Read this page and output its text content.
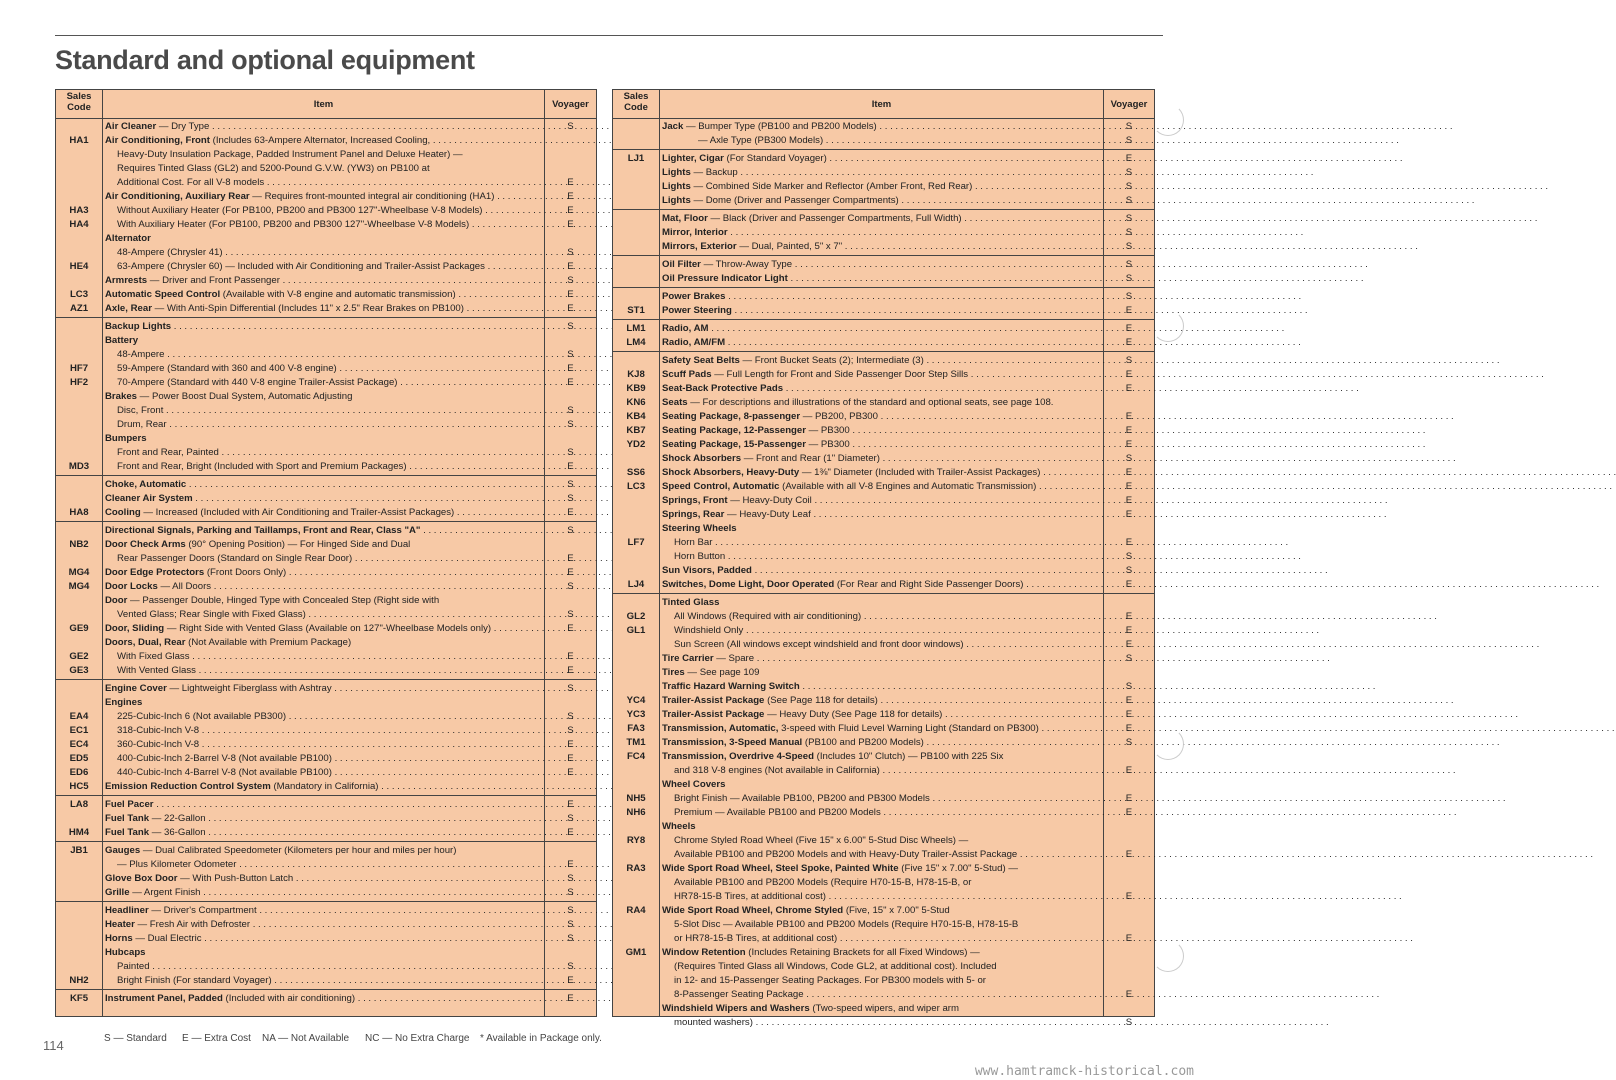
Standard and optional equipment
Sales
Code	Item	Voyager
Air Cleaner — Dry Type . . .	S
HA1	Air Conditioning, Front (Includes 63-Ampere Alternator, Increased Cooling, . . .
Heavy-Duty Insulation Package, Padded Instrument Panel and Deluxe Heater) —
Requires Tinted Glass (GL2) and 5200-Pound G.V.W. (YW3) on PB100 at
Additional Cost. For all V-8 models . . .	E
Air Conditioning, Auxiliary Rear — Requires front-mounted integral air conditioning (HA1) . . .	E
HA3	Without Auxiliary Heater (For PB100, PB200 and PB300 127"-Wheelbase V-8 Models) . . .	E
HA4	With Auxiliary Heater (For PB100, PB200 and PB300 127"-Wheelbase V-8 Models) . . .	E
Alternator
48-Ampere (Chrysler 41) . . .	S
HE4	63-Ampere (Chrysler 60) — Included with Air Conditioning and Trailer-Assist Packages . . .	E
Armrests — Driver and Front Passenger . . .	S
LC3	Automatic Speed Control (Available with V-8 engine and automatic transmission) . . .	E
AZ1	Axle, Rear — With Anti-Spin Differential (Includes 11" x 2.5" Rear Brakes on PB100) . . .	E
Backup Lights . . .	S
Battery
48-Ampere . . .	S
HF7	59-Ampere (Standard with 360 and 400 V-8 engine) . . .	E
HF2	70-Ampere (Standard with 440 V-8 engine Trailer-Assist Package) . . .	E
Brakes — Power Boost Dual System, Automatic Adjusting
Disc, Front . . .	S
Drum, Rear . . .	S
Bumpers
Front and Rear, Painted . . .	S
MD3	Front and Rear, Bright (Included with Sport and Premium Packages) . . .	E
Choke, Automatic . . .	S
Cleaner Air System . . .	S
HA8	Cooling — Increased (Included with Air Conditioning and Trailer-Assist Packages) . . .	E
Directional Signals, Parking and Taillamps, Front and Rear, Class "A" . . .	S
NB2	Door Check Arms (90° Opening Position) — For Hinged Side and Dual
Rear Passenger Doors (Standard on Single Rear Door) . . .	E
MG4	Door Edge Protectors (Front Doors Only) . . .	E
MG4	Door Locks — All Doors . . .	S
Door — Passenger Double, Hinged Type with Concealed Step (Right side with
Vented Glass; Rear Single with Fixed Glass) . . .	S
GE9	Door, Sliding — Right Side with Vented Glass (Available on 127"-Wheelbase Models only) . . .	E
Doors, Dual, Rear (Not Available with Premium Package)
GE2	With Fixed Glass . . .	E
GE3	With Vented Glass . . .	E
Engine Cover — Lightweight Fiberglass with Ashtray . . .	S
Engines
EA4	225-Cubic-Inch 6 (Not available PB300) . . .	S
EC1	318-Cubic-Inch V-8 . . .	S
EC4	360-Cubic-Inch V-8 . . .	E
ED5	400-Cubic-Inch 2-Barrel V-8 (Not available PB100) . . .	E
ED6	440-Cubic-Inch 4-Barrel V-8 (Not available PB100) . . .	E
HC5	Emission Reduction Control System (Mandatory in California) . . .
LA8	Fuel Pacer . . .	E
Fuel Tank — 22-Gallon . . .	S
HM4	Fuel Tank — 36-Gallon . . .	E
JB1	Gauges — Dual Calibrated Speedometer (Kilometers per hour and miles per hour)
— Plus Kilometer Odometer . . .	E
Glove Box Door — With Push-Button Latch . . .	S
Grille — Argent Finish . . .	S
Headliner — Driver's Compartment . . .	S
Heater — Fresh Air with Defroster . . .	S
Horns — Dual Electric . . .	S
Hubcaps
Painted . . .	S
NH2	Bright Finish (For standard Voyager) . . .	E
KF5	Instrument Panel, Padded (Included with air conditioning) . . .	E
Sales
Code	Item	Voyager
Jack — Bumper Type (PB100 and PB200 Models) . . .	S
— Axle Type (PB300 Models) . . .	S
LJ1	Lighter, Cigar (For Standard Voyager) . . .	E
Lights — Backup . . .	S
Lights — Combined Side Marker and Reflector (Amber Front, Red Rear) . . .	S
Lights — Dome (Driver and Passenger Compartments) . . .	S
Mat, Floor — Black (Driver and Passenger Compartments, Full Width) . . .	S
Mirror, Interior . . .	S
Mirrors, Exterior — Dual, Painted, 5" x 7" . . .	S
Oil Filter — Throw-Away Type . . .	S
Oil Pressure Indicator Light . . .	S
Power Brakes . . .	S
ST1	Power Steering . . .	E
LM1	Radio, AM . . .	E
LM4	Radio, AM/FM . . .	E
Safety Seat Belts — Front Bucket Seats (2); Intermediate (3) . . .	S
KJ8	Scuff Pads — Full Length for Front and Side Passenger Door Step Sills . . .	E
KB9	Seat-Back Protective Pads . . .	E
KN6	Seats — For descriptions and illustrations of the standard and optional seats, see page 108.
KB4	Seating Package, 8-passenger — PB200, PB300 . . .	E
KB7	Seating Package, 12-Passenger — PB300 . . .	E
YD2	Seating Package, 15-Passenger — PB300 . . .	E
Shock Absorbers — Front and Rear (1" Diameter) . . .	S
SS6	Shock Absorbers, Heavy-Duty — 1⅜" Diameter (Included with Trailer-Assist Packages) . . .	E
LC3	Speed Control, Automatic (Available with all V-8 Engines and Automatic Transmission) . . .	E
Springs, Front — Heavy-Duty Coil . . .	E
Springs, Rear — Heavy-Duty Leaf . . .	E
Steering Wheels
LF7	Horn Bar . . .	E
Horn Button . . .	S
Sun Visors, Padded . . .	S
LJ4	Switches, Dome Light, Door Operated (For Rear and Right Side Passenger Doors) . . .	E
Tinted Glass
GL2	All Windows (Required with air conditioning) . . .	E
GL1	Windshield Only . . .	E
Sun Screen (All windows except windshield and front door windows) . . .	E
Tire Carrier — Spare . . .	S
Tires — See page 109
Traffic Hazard Warning Switch . . .	S
YC4	Trailer-Assist Package (See Page 118 for details) . . .	E
YC3	Trailer-Assist Package — Heavy Duty (See Page 118 for details) . . .	E
FA3	Transmission, Automatic, 3-speed with Fluid Level Warning Light (Standard on PB300) . . .	E
TM1	Transmission, 3-Speed Manual (PB100 and PB200 Models) . . .	S
FC4	Transmission, Overdrive 4-Speed (Includes 10" Clutch) — PB100 with 225 Six
and 318 V-8 engines (Not available in California) . . .	E
Wheel Covers
NH5	Bright Finish — Available PB100, PB200 and PB300 Models . . .	E
NH6	Premium — Available PB100 and PB200 Models . . .	E
Wheels
RY8	Chrome Styled Road Wheel (Five 15" x 6.00" 5-Stud Disc Wheels) —
Available PB100 and PB200 Models and with Heavy-Duty Trailer-Assist Package . . .	E
RA3	Wide Sport Road Wheel, Steel Spoke, Painted White (Five 15" x 7.00" 5-Stud) —
Available PB100 and PB200 Models (Require H70-15-B, H78-15-B, or
HR78-15-B Tires, at additional cost) . . .	E
RA4	Wide Sport Road Wheel, Chrome Styled (Five, 15" x 7.00" 5-Stud
5-Slot Disc — Available PB100 and PB200 Models (Require H70-15-B, H78-15-B
or HR78-15-B Tires, at additional cost) . . .	E
GM1	Window Retention (Includes Retaining Brackets for all Fixed Windows) —
(Requires Tinted Glass all Windows, Code GL2, at additional cost). Included
in 12- and 15-Passenger Seating Packages. For PB300 models with 5- or
8-Passenger Seating Package . . .	E
Windshield Wipers and Washers (Two-speed wipers, and wiper arm
mounted washers) . . .	S
114	S — Standard E — Extra Cost NA — Not Available NC — No Extra Charge * Available in Package only.
www.hamtramck-historical.com
